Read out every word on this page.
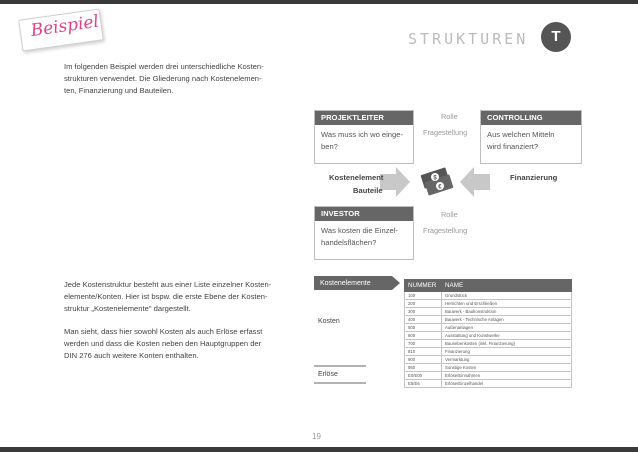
Beispiel	STRUKTUREN	T
Im folgenden Beispiel werden drei unterschiedliche Kosten-
strukturen verwendet. Die Gliederung nach Kostenelemen-
ten, Finanzierung und Bauteilen.
PROJEKTLEITER
Was muss ich wo einge-
ben?
CONTROLLING
Aus welchen Mitteln
wird finanziert?
INVESTOR
Was kosten die Einzel-
handelsflächen?
Rolle
Fragestellung
Rolle
Fragestellung
$
€
Kostenelement
Bauteile
Finanzierung
Jede Kostenstruktur besteht aus einer Liste einzelner Kosten-
elemente/Konten. Hier ist bspw. die erste Ebene der Kosten-
struktur „Kostenelemente" dargestellt.
Man sieht, dass hier sowohl Kosten als auch Erlöse erfasst
werden und dass die Kosten neben den Hauptgruppen der
DIN 276 auch weitere Konten enthalten.
Kostenelemente
Kosten
Erlöse
NUMMER	NAME
100	Grundstück
200	Herrichten und Erschließen
300	Bauwerk - Baukonstruktion
400	Bauwerk - Technische Anlagen
500	Außenanlagen
600	Ausstattung und Kunstwerke
700	Baunebenkosten (inkl. Finanzierung)
810	Finanzierung
900	Vermarktung
950	Sonstige Kosten
E0/E00	Erlöse/Einnahmen
E5/E6	Erlöse/Einzelhandel
19
